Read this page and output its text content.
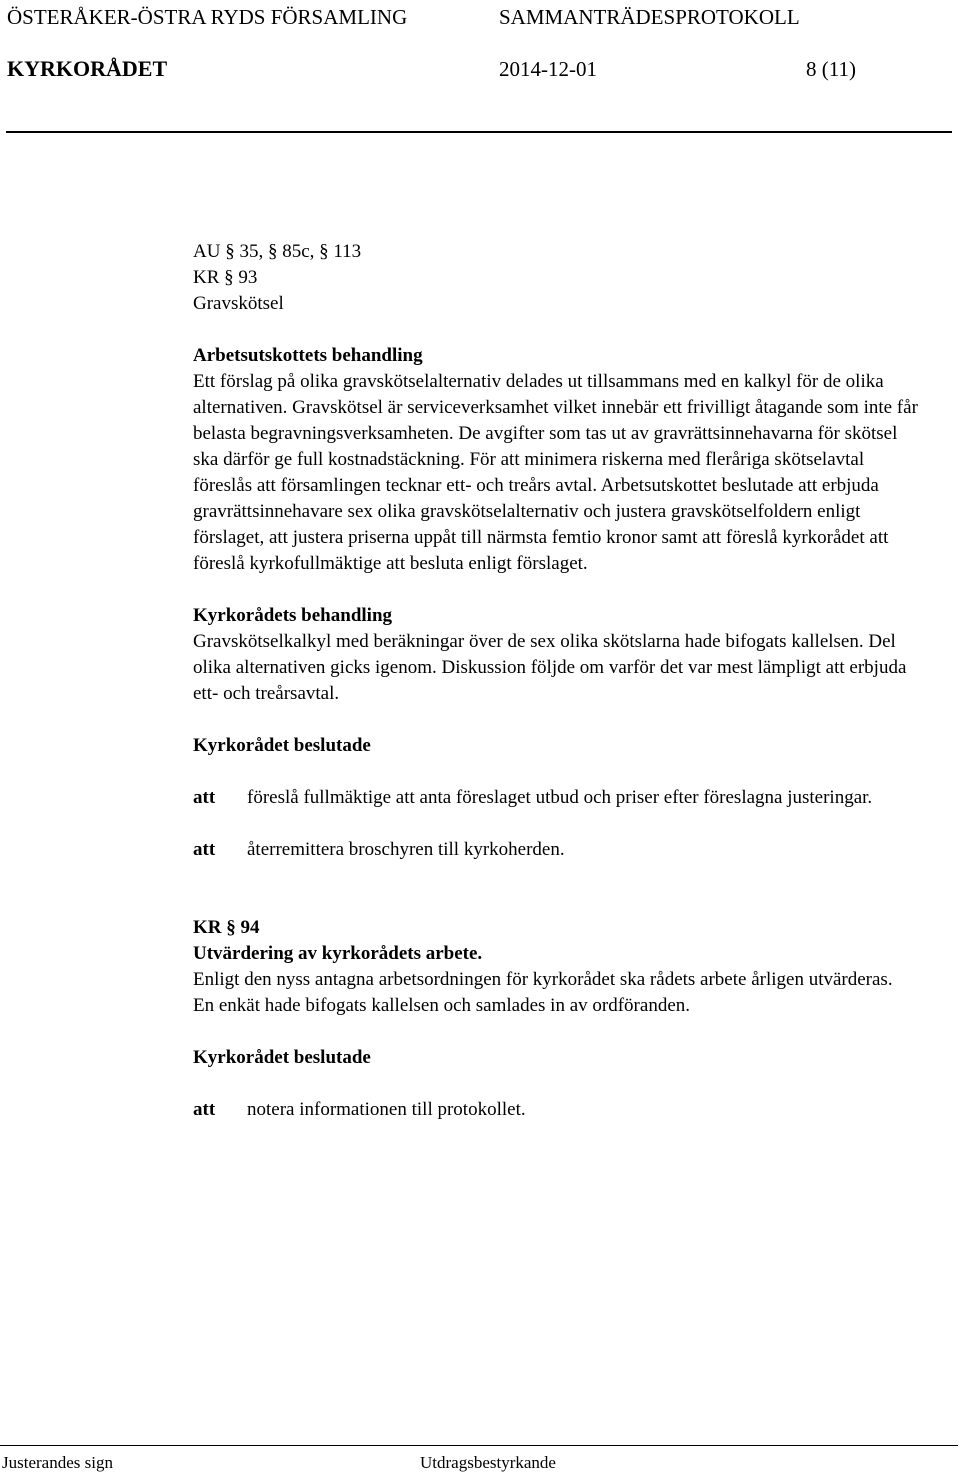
ÖSTERÅKER-ÖSTRA RYDS FÖRSAMLING	SAMMANTRÄDESPROTOKOLL
KYRKORÅDET	2014-12-01	8 (11)

AU § 35, § 85c, § 113

KR § 93

Gravskötsel

Arbetsutskottets behandling

Ett förslag på olika gravskötselalternativ delades ut tillsammans med en kalkyl för de olika alternativen. Gravskötsel är serviceverksamhet vilket innebär ett frivilligt åtagande som inte får belasta begravningsverksamheten. De avgifter som tas ut av gravrättsinnehavarna för skötsel ska därför ge full kostnadstäckning. För att minimera riskerna med fleråriga skötselavtal föreslås att församlingen tecknar ett- och treårs avtal. Arbetsutskottet beslutade att erbjuda gravrättsinnehavare sex olika gravskötselalternativ och justera gravskötselfoldern enligt förslaget, att justera priserna uppåt till närmsta femtio kronor samt att föreslå kyrkorådet att föreslå kyrkofullmäktige att besluta enligt förslaget.

Kyrkorådets behandling

Gravskötselkalkyl med beräkningar över de sex olika skötslarna hade bifogats kallelsen. Del olika alternativen gicks igenom. Diskussion följde om varför det var mest lämpligt att erbjuda ett- och treårsavtal.

Kyrkorådet beslutade

att	föreslå fullmäktige att anta föreslaget utbud och priser efter föreslagna justeringar.
att	återremittera broschyren till kyrkoherden.

KR § 94

Utvärdering av kyrkorådets arbete.

Enligt den nyss antagna arbetsordningen för kyrkorådet ska rådets arbete årligen utvärderas. En enkät hade bifogats kallelsen och samlades in av ordföranden.

Kyrkorådet beslutade

att	notera informationen till protokollet.
Justerandes sign	Utdragsbestyrkande
